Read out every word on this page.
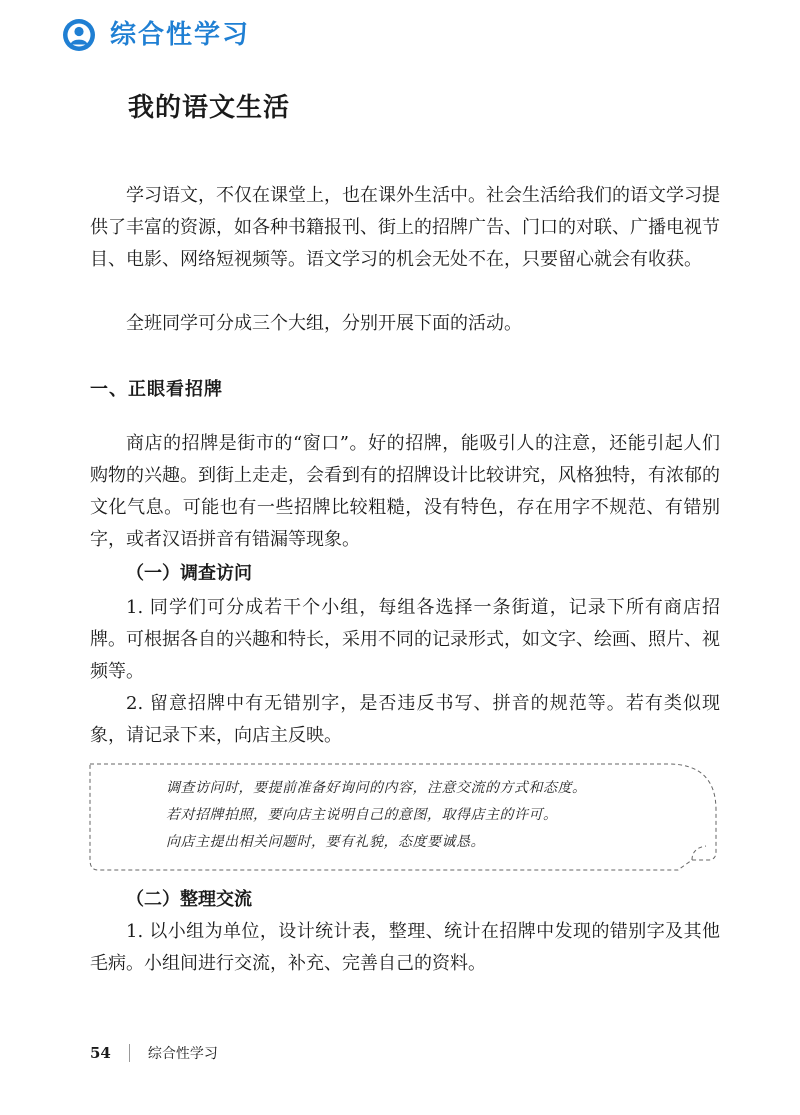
综合性学习
我的语文生活

学习语文，不仅在课堂上，也在课外生活中。社会生活给我们的语文学习提供了丰富的资源，如各种书籍报刊、街上的招牌广告、门口的对联、广播电视节目、电影、网络短视频等。语文学习的机会无处不在，只要留心就会有收获。

全班同学可分成三个大组，分别开展下面的活动。

一、正眼看招牌

商店的招牌是街市的“窗口”。好的招牌，能吸引人的注意，还能引起人们购物的兴趣。到街上走走，会看到有的招牌设计比较讲究，风格独特，有浓郁的文化气息。可能也有一些招牌比较粗糙，没有特色，存在用字不规范、有错别字，或者汉语拼音有错漏等现象。

（一）调查访问

1. 同学们可分成若干个小组，每组各选择一条街道，记录下所有商店招牌。可根据各自的兴趣和特长，采用不同的记录形式，如文字、绘画、照片、视频等。

2. 留意招牌中有无错别字，是否违反书写、拼音的规范等。若有类似现象，请记录下来，向店主反映。

调查访问时，要提前准备好询问的内容，注意交流的方式和态度。

若对招牌拍照，要向店主说明自己的意图，取得店主的许可。

向店主提出相关问题时，要有礼貌，态度要诚恳。

（二）整理交流

1. 以小组为单位，设计统计表，整理、统计在招牌中发现的错别字及其他毛病。小组间进行交流，补充、完善自己的资料。

54	综合性学习
